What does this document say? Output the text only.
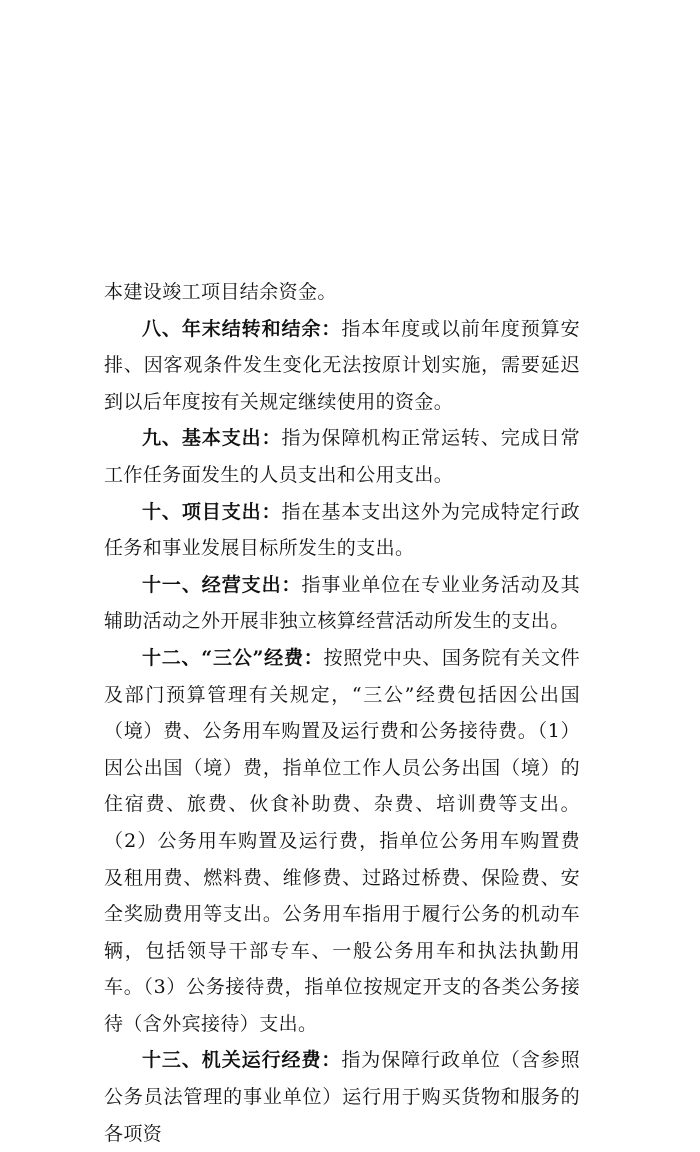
本建设竣工项目结余资金。

八、年末结转和结余：指本年度或以前年度预算安排、因客观条件发生变化无法按原计划实施，需要延迟到以后年度按有关规定继续使用的资金。

九、基本支出：指为保障机构正常运转、完成日常工作任务面发生的人员支出和公用支出。

十、项目支出：指在基本支出这外为完成特定行政任务和事业发展目标所发生的支出。

十一、经营支出：指事业单位在专业业务活动及其辅助活动之外开展非独立核算经营活动所发生的支出。

十二、“三公”经费：按照党中央、国务院有关文件及部门预算管理有关规定，“三公”经费包括因公出国（境）费、公务用车购置及运行费和公务接待费。（1）因公出国（境）费，指单位工作人员公务出国（境）的住宿费、旅费、伙食补助费、杂费、培训费等支出。（2）公务用车购置及运行费，指单位公务用车购置费及租用费、燃料费、维修费、过路过桥费、保险费、安全奖励费用等支出。公务用车指用于履行公务的机动车辆，包括领导干部专车、一般公务用车和执法执勤用车。（3）公务接待费，指单位按规定开支的各类公务接待（含外宾接待）支出。

十三、机关运行经费：指为保障行政单位（含参照公务员法管理的事业单位）运行用于购买货物和服务的各项资
